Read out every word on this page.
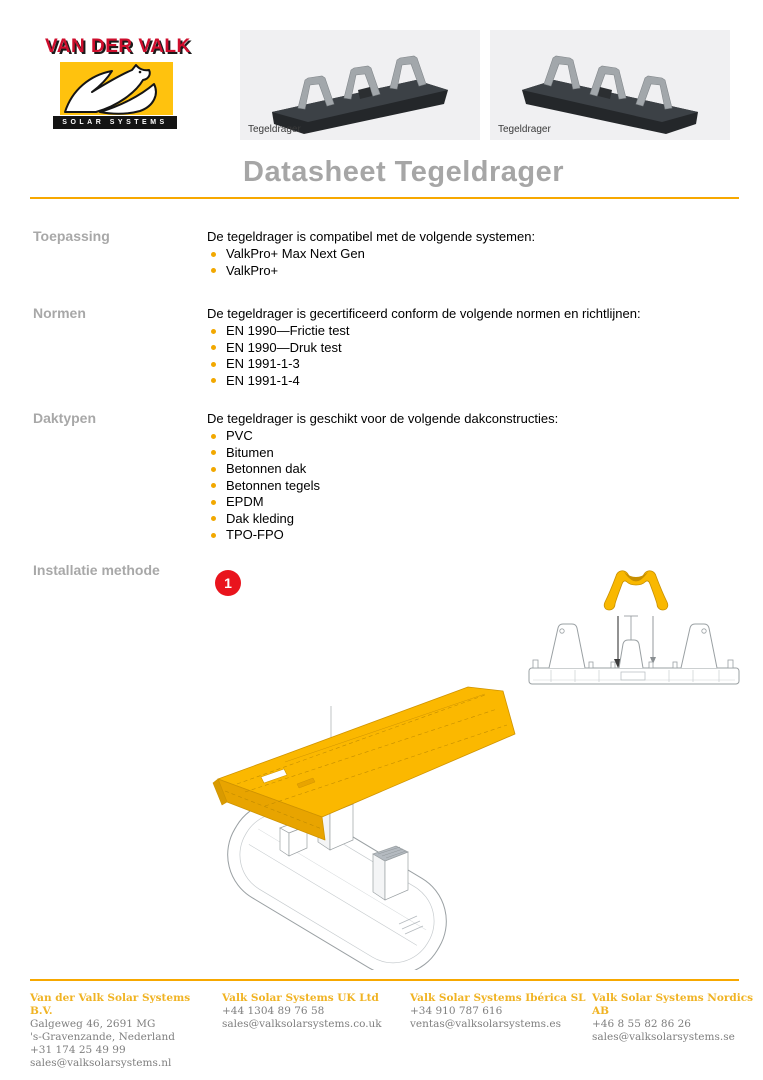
VAN DER VALK
SOLAR SYSTEMS
Tegeldrager	Tegeldrager
Datasheet Tegeldrager
Toepassing	De tegeldrager is compatibel met de volgende systemen:

ValkPro+ Max Next Gen
ValkPro+
Normen	De tegeldrager is gecertificeerd conform de volgende normen en richtlijnen:

EN 1990—Frictie test
EN 1990—Druk test
EN 1991-1-3
EN 1991-1-4
Daktypen	De tegeldrager is geschikt voor de volgende dakconstructies:

PVC
Bitumen
Betonnen dak
Betonnen tegels
EPDM
Dak kleding
TPO-FPO
Installatie methode
1
Van der Valk Solar Systems B.V.
Galgeweg 46, 2691 MG
's-Gravenzande, Nederland
+31 174 25 49 99
sales@valksolarsystems.nl
Valk Solar Systems UK Ltd
+44 1304 89 76 58
sales@valksolarsystems.co.uk
Valk Solar Systems Ibérica SL
+34 910 787 616
ventas@valksolarsystems.es
Valk Solar Systems Nordics AB
+46 8 55 82 86 26
sales@valksolarsystems.se
